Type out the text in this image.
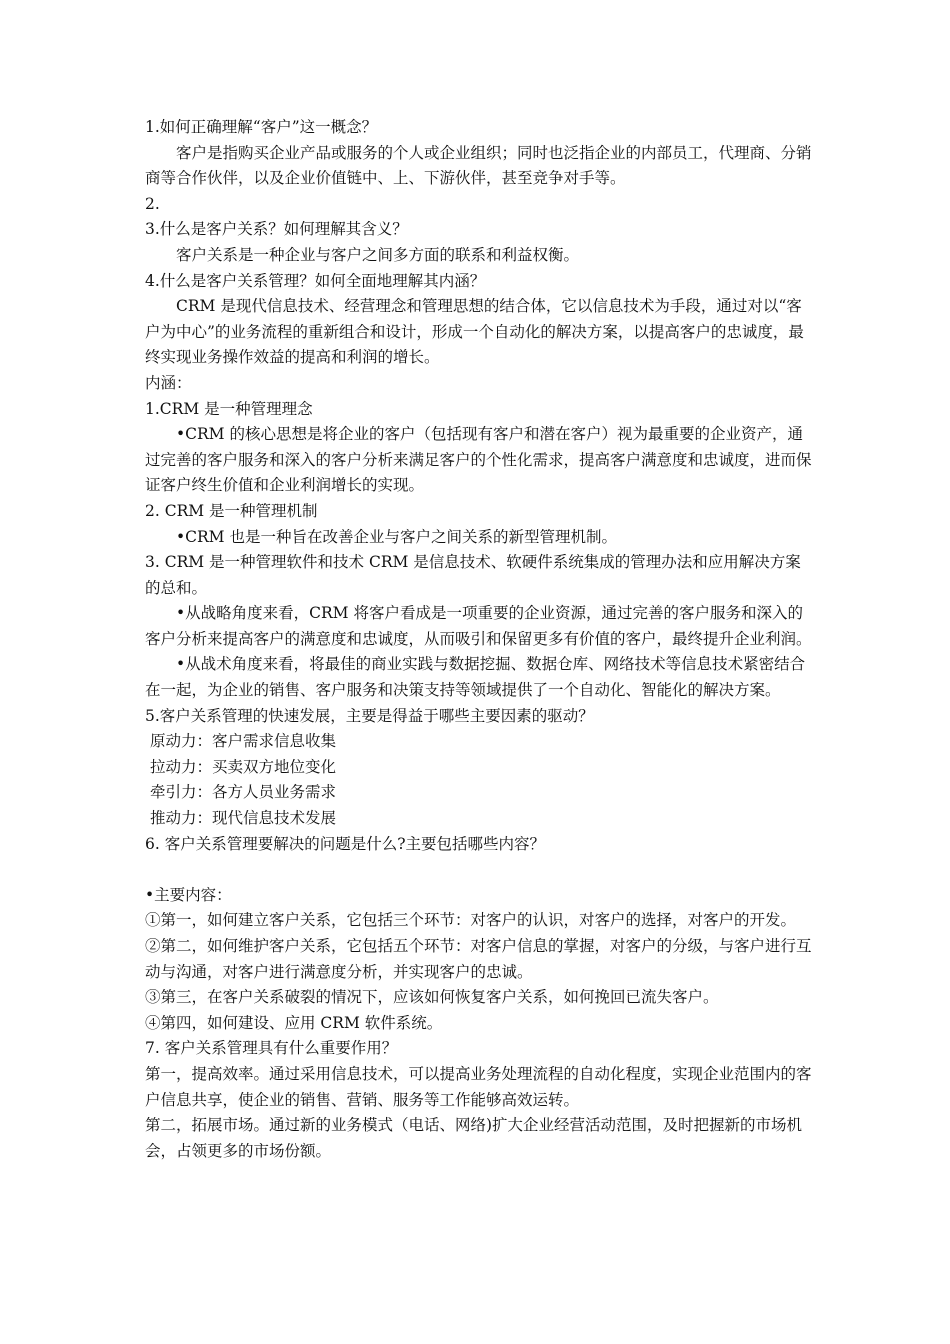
1.如何正确理解“客户”这一概念？

客户是指购买企业产品或服务的个人或企业组织；同时也泛指企业的内部员工，代理商、分销商等合作伙伴，以及企业价值链中、上、下游伙伴，甚至竞争对手等。

2.

3.什么是客户关系？如何理解其含义？

客户关系是一种企业与客户之间多方面的联系和利益权衡。

4.什么是客户关系管理？如何全面地理解其内涵？

CRM 是现代信息技术、经营理念和管理思想的结合体，它以信息技术为手段，通过对以“客户为中心”的业务流程的重新组合和设计，形成一个自动化的解决方案，以提高客户的忠诚度，最终实现业务操作效益的提高和利润的增长。

内涵：

1.CRM 是一种管理理念

•CRM 的核心思想是将企业的客户（包括现有客户和潜在客户）视为最重要的企业资产，通过完善的客户服务和深入的客户分析来满足客户的个性化需求，提高客户满意度和忠诚度，进而保证客户终生价值和企业利润增长的实现。

2. CRM 是一种管理机制

•CRM 也是一种旨在改善企业与客户之间关系的新型管理机制。

3. CRM 是一种管理软件和技术 CRM 是信息技术、软硬件系统集成的管理办法和应用解决方案的总和。

•从战略角度来看，CRM 将客户看成是一项重要的企业资源，通过完善的客户服务和深入的客户分析来提高客户的满意度和忠诚度，从而吸引和保留更多有价值的客户，最终提升企业利润。

•从战术角度来看，将最佳的商业实践与数据挖掘、数据仓库、网络技术等信息技术紧密结合在一起，为企业的销售、客户服务和决策支持等领域提供了一个自动化、智能化的解决方案。

5.客户关系管理的快速发展，主要是得益于哪些主要因素的驱动？

原动力：客户需求信息收集

拉动力：买卖双方地位变化

牵引力：各方人员业务需求

推动力：现代信息技术发展

6. 客户关系管理要解决的问题是什么?主要包括哪些内容？

•主要内容：

①第一，如何建立客户关系，它包括三个环节：对客户的认识，对客户的选择，对客户的开发。

②第二，如何维护客户关系，它包括五个环节：对客户信息的掌握，对客户的分级，与客户进行互动与沟通，对客户进行满意度分析，并实现客户的忠诚。

③第三，在客户关系破裂的情况下，应该如何恢复客户关系，如何挽回已流失客户。

④第四，如何建设、应用 CRM 软件系统。

7. 客户关系管理具有什么重要作用？

第一，提高效率。通过采用信息技术，可以提高业务处理流程的自动化程度，实现企业范围内的客户信息共享，使企业的销售、营销、服务等工作能够高效运转。

第二，拓展市场。通过新的业务模式（电话、网络)扩大企业经营活动范围，及时把握新的市场机会，占领更多的市场份额。
